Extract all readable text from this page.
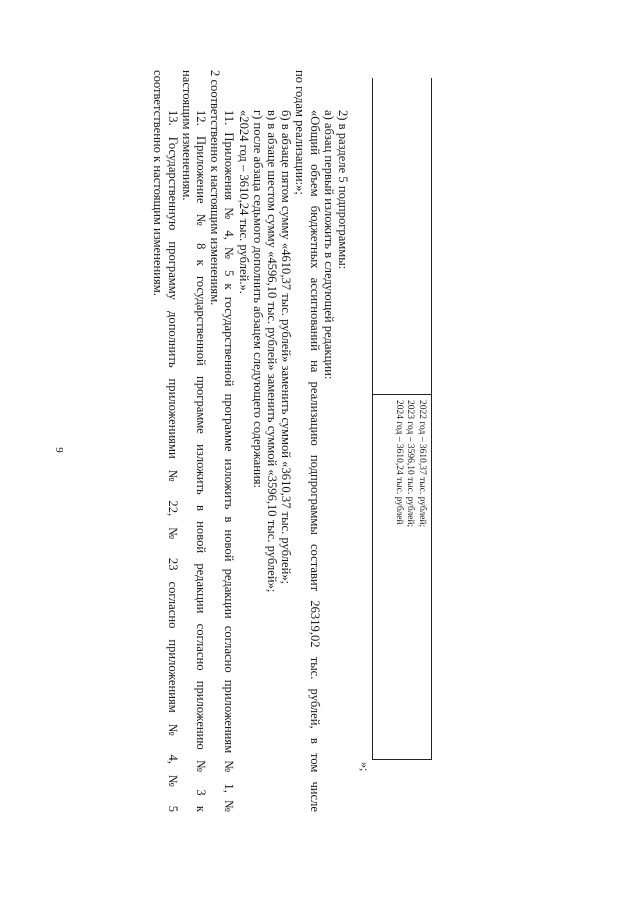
9	2022 год – 3610,37 тыс. рублей;
2023 год – 3596,10 тыс. рублей;
2024 год – 3610,24 тыс. рублей
»;

2) в разделе 5 подпрограммы:

а) абзац первый изложить в следующей редакции:

«Общий объем бюджетных ассигнований на реализацию подпрограммы составит 26319,02 тыс. рублей, в том числе

по годам реализации:»;

б) в абзаце пятом сумму «4610,37 тыс. рублей» заменить суммой «3610,37 тыс. рублей»;

в) в абзаце шестом сумму «4596,10 тыс. рублей» заменить суммой «3596,10 тыс. рублей»;

г) после абзаца седьмого дополнить абзацем следующего содержания:

«2024 год – 3610,24 тыс. рублей.».

11. Приложения № 4, № 5 к государственной программе изложить в новой редакции согласно приложениям № 1, №

2 соответственно к настоящим изменениям.

12. Приложение № 8 к государственной программе изложить в новой редакции согласно приложению № 3 к

настоящим изменениям.

13. Государственную программу дополнить приложениями № 22, № 23 согласно приложениям № 4, № 5

соответственно к настоящим изменениям.
